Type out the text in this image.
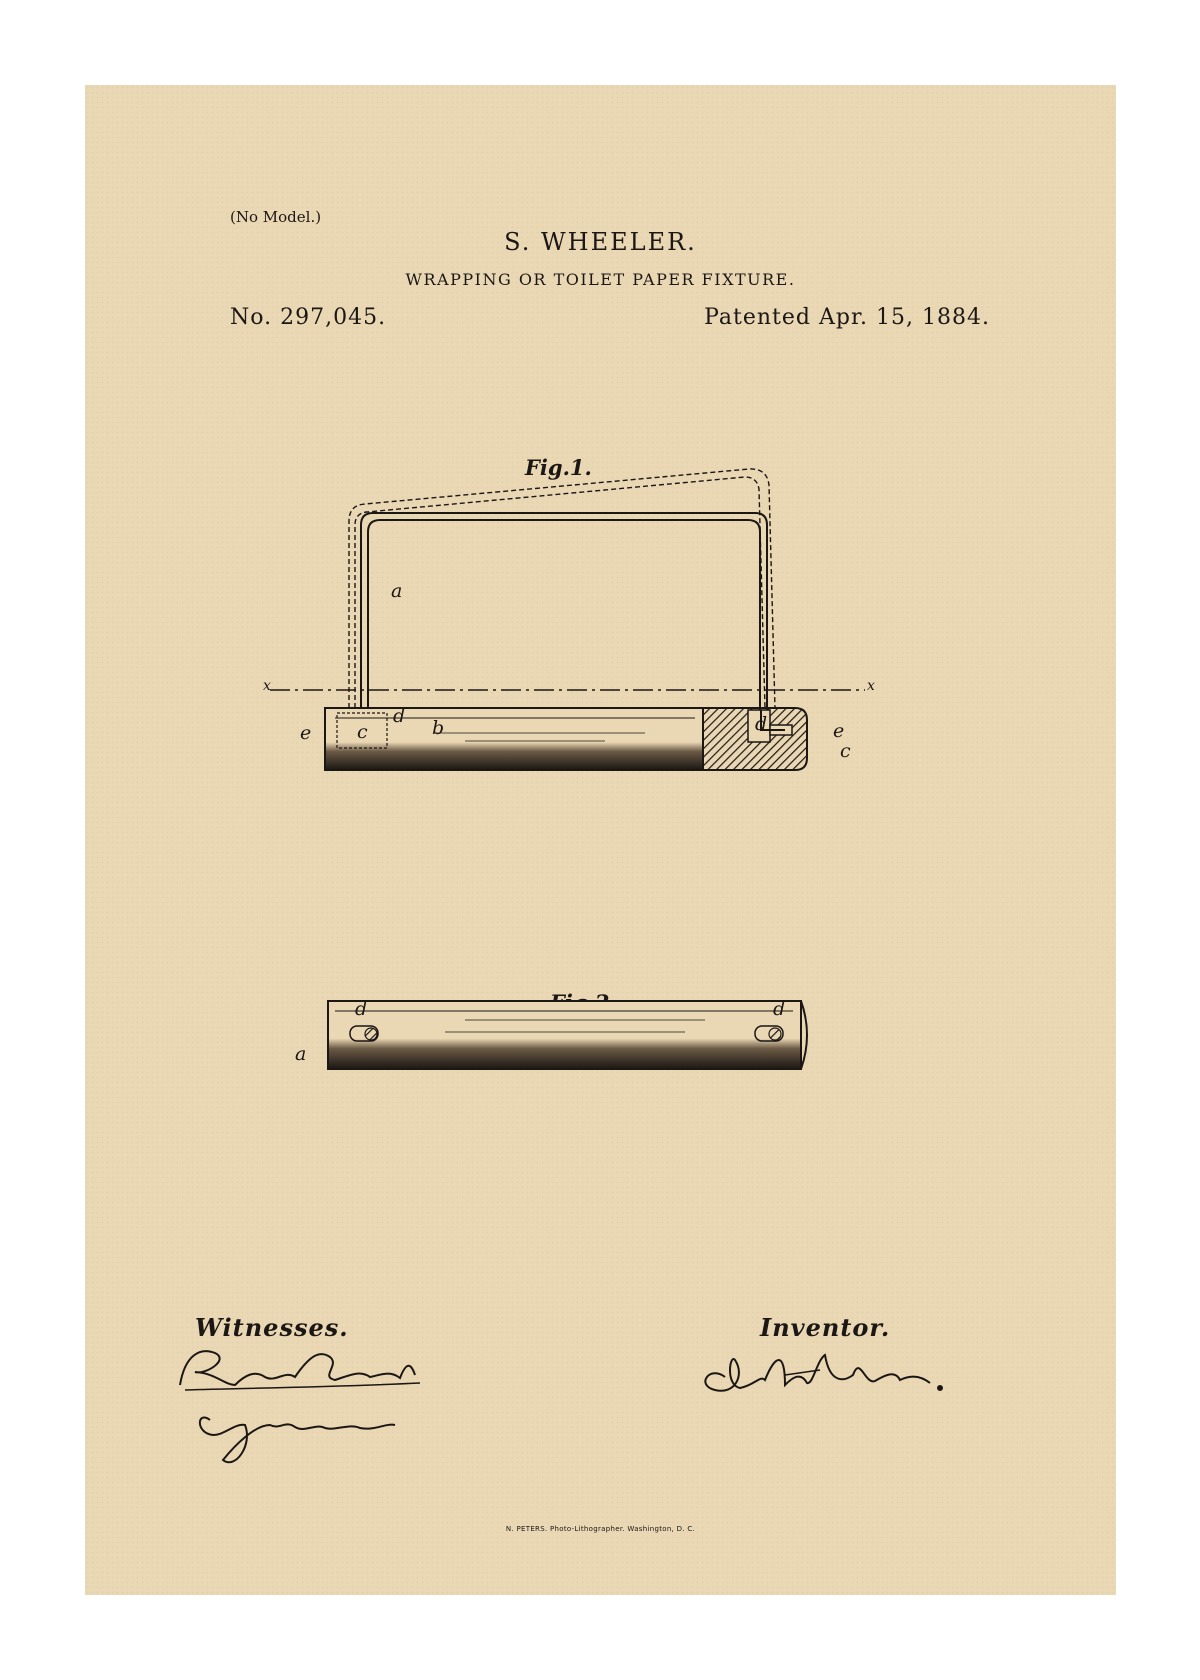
(No Model.)

S. WHEELER.

WRAPPING OR TOILET PAPER FIXTURE.

No. 297,045.	Patented Apr. 15, 1884.

Fig.1.

a
b
c
c
d	d
e	e
x	x
a
d	d

Witnesses.	Inventor.

N. PETERS. Photo-Lithographer. Washington, D. C.
